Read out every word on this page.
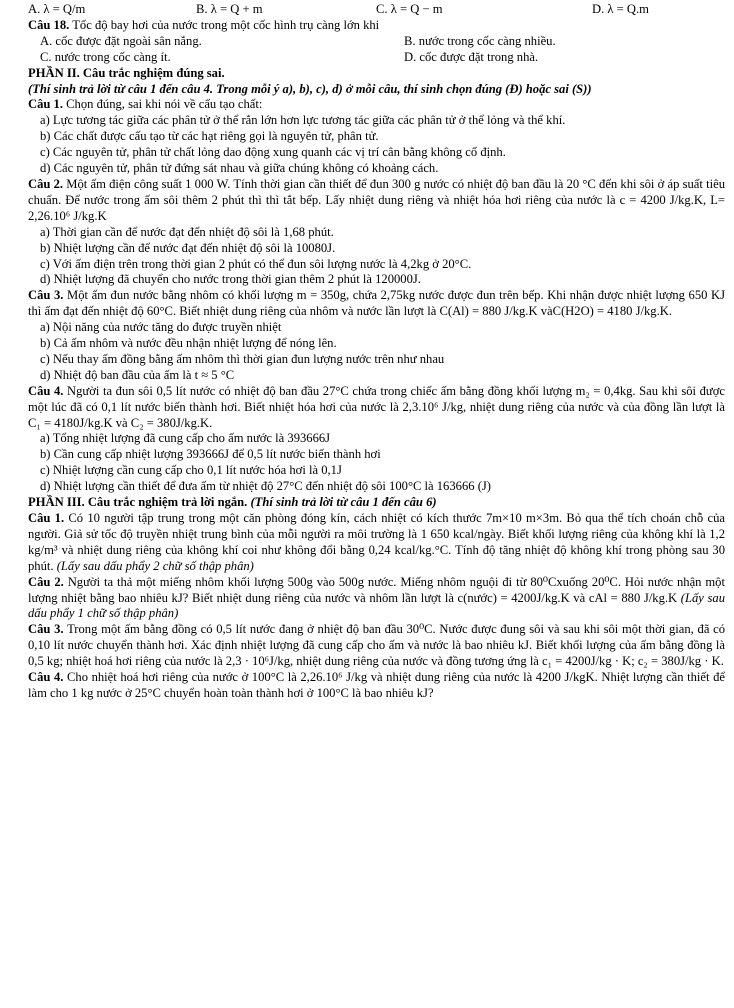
A. λ = Q/m	B. λ = Q + m	C. λ = Q − m	D. λ = Q.m
Câu 18. Tốc độ bay hơi của nước trong một cốc hình trụ càng lớn khi
A. cốc được đặt ngoài sân nắng.	B. nước trong cốc càng nhiều.
C. nước trong cốc càng ít.	D. cốc được đặt trong nhà.
PHẦN II. Câu trắc nghiệm đúng sai.
(Thí sinh trả lời từ câu 1 đến câu 4. Trong mỗi ý a), b), c), d) ở mỗi câu, thí sinh chọn đúng (Đ) hoặc sai (S))
Câu 1. Chọn đúng, sai khi nói về cấu tạo chất:
a) Lực tương tác giữa các phân tử ở thể rắn lớn hơn lực tương tác giữa các phân tử ở thể lỏng và thể khí.
b) Các chất được cấu tạo từ các hạt riêng gọi là nguyên tử, phân tử.
c) Các nguyên tử, phân tử chất lỏng dao động xung quanh các vị trí cân bằng không cố định.
d) Các nguyên tử, phân tử đứng sát nhau và giữa chúng không có khoảng cách.
Câu 2. Một ấm điện công suất 1 000 W. Tính thời gian cần thiết để đun 300 g nước có nhiệt độ ban đầu là 20 °C đến khi sôi ở áp suất tiêu chuẩn. Để nước trong ấm sôi thêm 2 phút thì thì tắt bếp. Lấy nhiệt dung riêng và nhiệt hóa hơi riêng của nước là c = 4200 J/kg.K, L= 2,26.10⁶ J/kg.K
a) Thời gian cần để nước đạt đến nhiệt độ sôi là 1,68 phút.
b) Nhiệt lượng cần để nước đạt đến nhiệt độ sôi là 10080J.
c) Với ấm điện trên trong thời gian 2 phút có thể đun sôi lượng nước là 4,2kg ở 20°C.
d) Nhiệt lượng đã chuyển cho nước trong thời gian thêm 2 phút là 120000J.
Câu 3. Một ấm đun nước bằng nhôm có khối lượng m = 350g, chứa 2,75kg nước được đun trên bếp. Khi nhận được nhiệt lượng 650 KJ thì ấm đạt đến nhiệt độ 60°C. Biết nhiệt dung riêng của nhôm và nước lần lượt là C(Al) = 880 J/kg.K vàC(H2O) = 4180 J/kg.K.
a) Nội năng của nước tăng do được truyền nhiệt
b) Cả ấm nhôm và nước đều nhận nhiệt lượng để nóng lên.
c) Nếu thay ấm đồng bằng ấm nhôm thì thời gian đun lượng nước trên như nhau
d) Nhiệt độ ban đầu của ấm là t ≈ 5 °C
Câu 4. Người ta đun sôi 0,5 lít nước có nhiệt độ ban đầu 27°C chứa trong chiếc ấm bằng đồng khối lượng m₂ = 0,4kg. Sau khi sôi được một lúc đã có 0,1 lít nước biến thành hơi. Biết nhiệt hóa hơi của nước là 2,3.10⁶ J/kg, nhiệt dung riêng của nước và của đồng lần lượt là C₁ = 4180J/kg.K và C₂ = 380J/kg.K.
a) Tổng nhiệt lượng đã cung cấp cho ấm nước là 393666J
b) Cần cung cấp nhiệt lượng 393666J để 0,5 lít nước biến thành hơi
c) Nhiệt lượng cần cung cấp cho 0,1 lít nước hóa hơi là 0,1J
d) Nhiệt lượng cần thiết để đưa ấm từ nhiệt độ 27°C đến nhiệt độ sôi 100°C là 163666 (J)
PHẦN III. Câu trắc nghiệm trả lời ngắn. (Thí sinh trả lời từ câu 1 đến câu 6)
Câu 1. Có 10 người tập trung trong một căn phòng đóng kín, cách nhiệt có kích thước 7m×10 m×3m. Bỏ qua thể tích choán chỗ của người. Giả sử tốc độ truyền nhiệt trung bình của mỗi người ra môi trường là 1 650 kcal/ngày. Biết khối lượng riêng của không khí là 1,2 kg/m³ và nhiệt dung riêng của không khí coi như không đổi bằng 0,24 kcal/kg.°C. Tính độ tăng nhiệt độ không khí trong phòng sau 30 phút. (Lấy sau dấu phẩy 2 chữ số thập phân)
Câu 2. Người ta thả một miếng nhôm khối lượng 500g vào 500g nước. Miếng nhôm nguội đi từ 80⁰Cxuống 20⁰C. Hỏi nước nhận một lượng nhiệt bằng bao nhiêu kJ? Biết nhiệt dung riêng của nước và nhôm lần lượt là c(nước) = 4200J/kg.K và cAl = 880 J/kg.K (Lấy sau dấu phẩy 1 chữ số thập phân)
Câu 3. Trong một ấm bằng đồng có 0,5 lít nước đang ở nhiệt độ ban đầu 30⁰C. Nước được đung sôi và sau khi sôi một thời gian, đã có 0,10 lít nước chuyển thành hơi. Xác định nhiệt lượng đã cung cấp cho ấm và nước là bao nhiêu kJ. Biết khối lượng của ấm bằng đồng là 0,5 kg; nhiệt hoá hơi riêng của nước là 2,3 · 10⁶J/kg, nhiệt dung riêng của nước và đồng tương ứng là c₁ = 4200J/kg · K; c₂ = 380J/kg · K.
Câu 4. Cho nhiệt hoá hơi riêng của nước ở 100°C là 2,26.10⁶ J/kg và nhiệt dung riêng của nước là 4200 J/kgK. Nhiệt lượng cần thiết để làm cho 1 kg nước ở 25°C chuyển hoàn toàn thành hơi ở 100°C là bao nhiêu kJ?
